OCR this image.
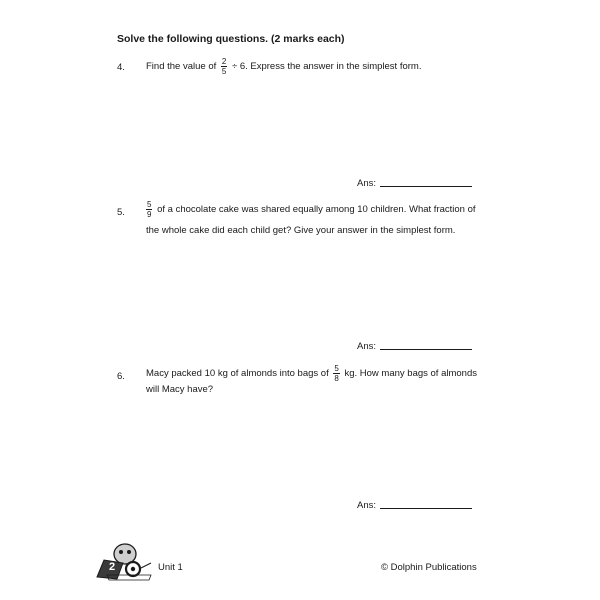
Solve the following questions. (2 marks each)
4. Find the value of $\frac{2}{5} \div 6$. Express the answer in the simplest form.
Ans:
5.	$\frac{5}{9}$ of a chocolate cake was shared equally among 10 children. What fraction of
the whole cake did each child get? Give your answer in the simplest form.
Ans:
6. Macy packed 10 kg of almonds into bags of $\frac{5}{8}$ kg. How many bags of almonds
will Macy have?
Ans:
2	Unit 1	© Dolphin Publications
